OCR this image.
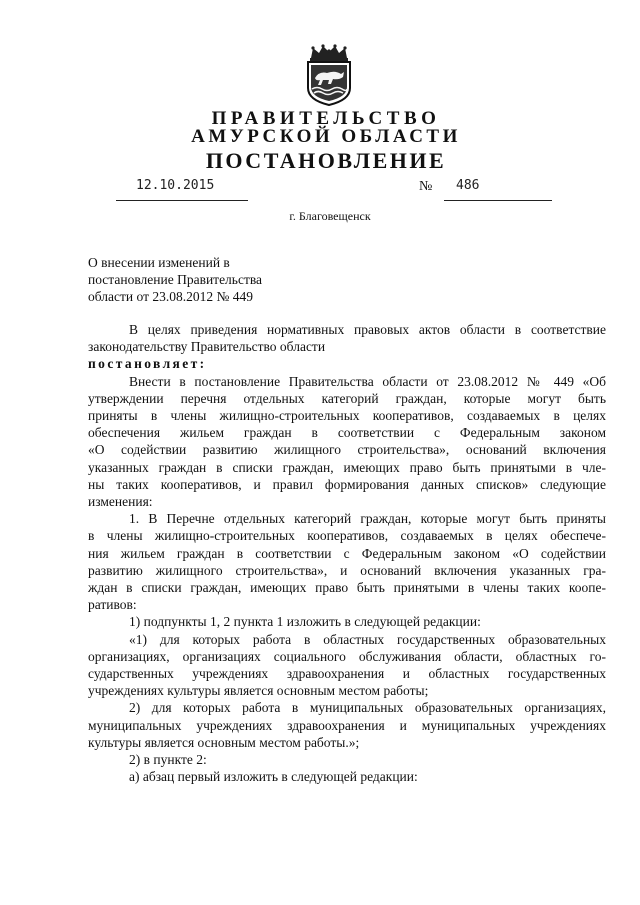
ПРАВИТЕЛЬСТВО
АМУРСКОЙ ОБЛАСТИ
ПОСТАНОВЛЕНИЕ
12.10.2015	№ 486
г. Благовещенск
О внесении изменений в
постановление Правительства
области от 23.08.2012 № 449
В целях приведения нормативных правовых актов области в соответствие
законодательству Правительство области
постановляет:
Внести в постановление Правительства области от 23.08.2012 № 449 «Об
утверждении перечня отдельных категорий граждан, которые могут быть
приняты в члены жилищно-строительных кооперативов, создаваемых в целях
обеспечения жильем граждан в соответствии с Федеральным законом
«О содействии развитию жилищного строительства», оснований включения
указанных граждан в списки граждан, имеющих право быть принятыми в чле-
ны таких кооперативов, и правил формирования данных списков» следующие
изменения:
1. В Перечне отдельных категорий граждан, которые могут быть приняты
в члены жилищно-строительных кооперативов, создаваемых в целях обеспече-
ния жильем граждан в соответствии с Федеральным законом «О содействии
развитию жилищного строительства», и оснований включения указанных гра-
ждан в списки граждан, имеющих право быть принятыми в члены таких коопе-
ративов:
1) подпункты 1, 2 пункта 1 изложить в следующей редакции:
«1) для которых работа в областных государственных образовательных
организациях, организациях социального обслуживания области, областных го-
сударственных учреждениях здравоохранения и областных государственных
учреждениях культуры является основным местом работы;
2) для которых работа в муниципальных образовательных организациях,
муниципальных учреждениях здравоохранения и муниципальных учреждениях
культуры является основным местом работы.»;
2) в пункте 2:
а) абзац первый изложить в следующей редакции:
